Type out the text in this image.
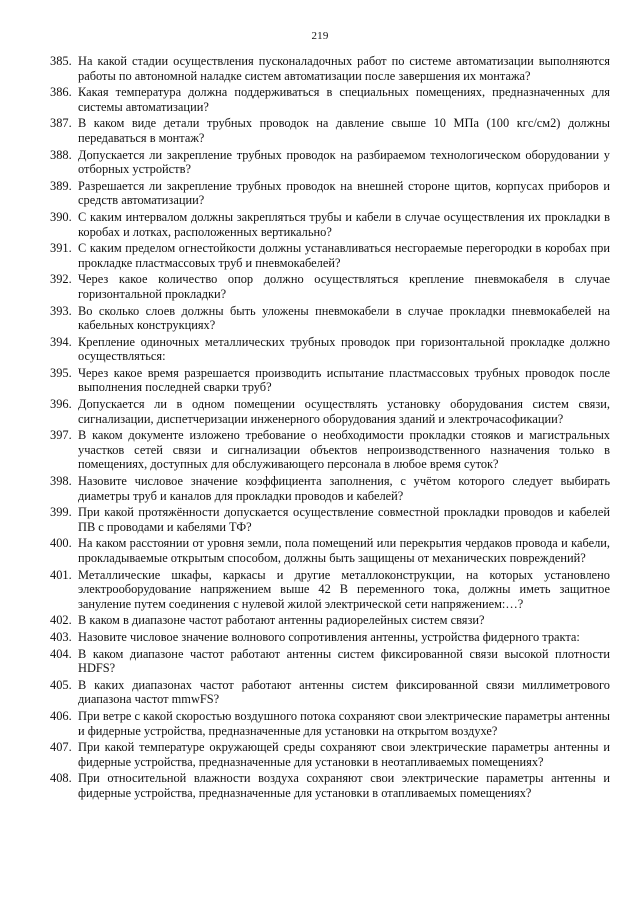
219
385. На какой стадии осуществления пусконаладочных работ по системе автоматизации выполняются работы по автономной наладке систем автоматизации после завершения их монтажа?
386. Какая температура должна поддерживаться в специальных помещениях, предназначенных для системы автоматизации?
387. В каком виде детали трубных проводок на давление свыше 10 МПа (100 кгс/см2) должны передаваться в монтаж?
388. Допускается ли закрепление трубных проводок на разбираемом технологическом оборудовании у отборных устройств?
389. Разрешается ли закрепление трубных проводок на внешней стороне щитов, корпусах приборов и средств автоматизации?
390. С каким интервалом должны закрепляться трубы и кабели в случае осуществления их прокладки в коробах и лотках, расположенных вертикально?
391. С каким пределом огнестойкости должны устанавливаться несгораемые перегородки в коробах при прокладке пластмассовых труб и пневмокабелей?
392. Через какое количество опор должно осуществляться крепление пневмокабеля в случае горизонтальной прокладки?
393. Во сколько слоев должны быть уложены пневмокабели в случае прокладки пневмокабелей на кабельных конструкциях?
394. Крепление одиночных металлических трубных проводок при горизонтальной прокладке должно осуществляться:
395. Через какое время разрешается производить испытание пластмассовых трубных проводок после выполнения последней сварки труб?
396. Допускается ли в одном помещении осуществлять установку оборудования систем связи, сигнализации, диспетчеризации инженерного оборудования зданий и электрочасофикации?
397. В каком документе изложено требование о необходимости прокладки стояков и магистральных участков сетей связи и сигнализации объектов непроизводственного назначения только в помещениях, доступных для обслуживающего персонала в любое время суток?
398. Назовите числовое значение коэффициента заполнения, с учётом которого следует выбирать диаметры труб и каналов для прокладки проводов и кабелей?
399. При какой протяжённости допускается осуществление совместной прокладки проводов и кабелей ПВ с проводами и кабелями ТФ?
400. На каком расстоянии от уровня земли, пола помещений или перекрытия чердаков провода и кабели, прокладываемые открытым способом, должны быть защищены от механических повреждений?
401. Металлические шкафы, каркасы и другие металлоконструкции, на которых установлено электрооборудование напряжением выше 42 В переменного тока, должны иметь защитное зануление путем соединения с нулевой жилой электрической сети напряжением:…?
402. В каком в диапазоне частот работают антенны радиорелейных систем связи?
403. Назовите числовое значение волнового сопротивления антенны, устройства фидерного тракта:
404. В каком диапазоне частот работают антенны систем фиксированной связи высокой плотности HDFS?
405. В каких диапазонах частот работают антенны систем фиксированной связи миллиметрового диапазона частот mmwFS?
406. При ветре с какой скоростью воздушного потока сохраняют свои электрические параметры антенны и фидерные устройства, предназначенные для установки на открытом воздухе?
407. При какой температуре окружающей среды сохраняют свои электрические параметры антенны и фидерные устройства, предназначенные для установки в неотапливаемых помещениях?
408. При относительной влажности воздуха сохраняют свои электрические параметры антенны и фидерные устройства, предназначенные для установки в отапливаемых помещениях?
